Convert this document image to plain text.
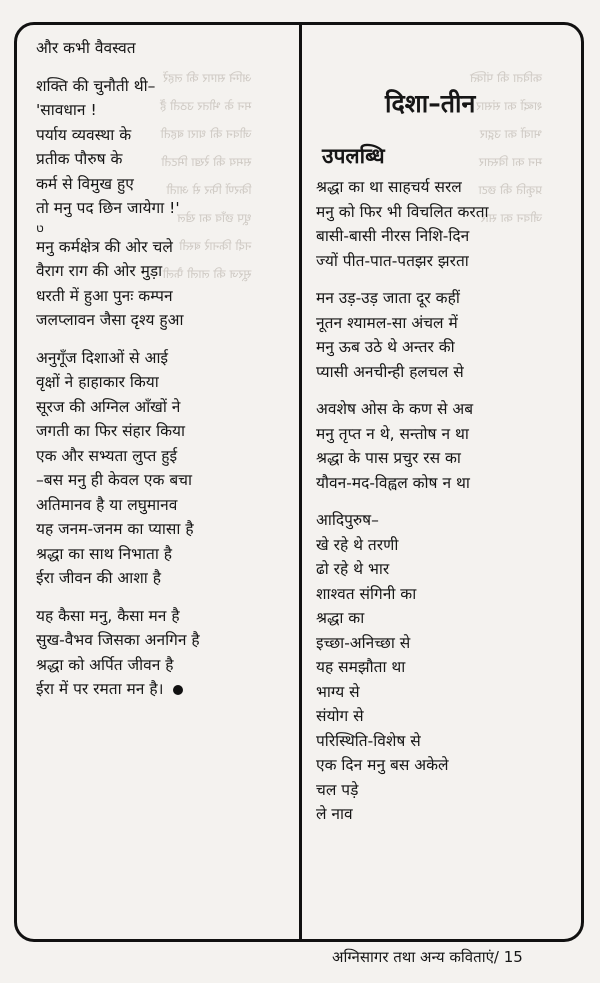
अग्नि सागर की लहरें
मन के भीतर उठती हैं
जीवन की धारा बहती
समय की रेखा मिटती
किरणें फिर से आती
धूप छाँव का खेल
नदी किनारे बस्ती
सूरज की लाली फैली

कविता की पंक्ति
शब्दों का संसार
भावों का उद्गार
मन का विस्तार
प्रकृति की छटा
जीवन का सार

और कभी वैवस्वत
शक्ति की चुनौती थी–
'सावधान !
पर्याय व्यवस्था के
प्रतीक पौरुष के
कर्म से विमुख हुए
तो मनु पद छिन जायेगा !'
ט
मनु कर्मक्षेत्र की ओर चले
वैराग राग की ओर मुड़ा
धरती में हुआ पुनः कम्पन
जलप्लावन जैसा दृश्य हुआ
अनुगूँज दिशाओं से आई
वृक्षों ने हाहाकार किया
सूरज की अग्निल आँखों ने
जगती का फिर संहार किया
एक और सभ्यता लुप्त हुई
–बस मनु ही केवल एक बचा
अतिमानव है या लघुमानव
यह जनम-जनम का प्यासा है
श्रद्धा का साथ निभाता है
ईरा जीवन की आशा है
यह कैसा मनु, कैसा मन है
सुख-वैभव जिसका अनगिन है
श्रद्धा को अर्पित जीवन है
ईरा में पर रमता मन है।
दिशा–तीन
उपलब्धि
श्रद्धा का था साहचर्य सरल
मनु को फिर भी विचलित करता
बासी-बासी नीरस निशि-दिन
ज्यों पीत-पात-पतझर झरता
मन उड़-उड़ जाता दूर कहीं
नूतन श्यामल-सा अंचल में
मनु ऊब उठे थे अन्तर की
प्यासी अनचीन्ही हलचल से
अवशेष ओस के कण से अब
मनु तृप्त न थे, सन्तोष न था
श्रद्धा के पास प्रचुर रस का
यौवन-मद-विह्वल कोष न था
आदिपुरुष–
खे रहे थे तरणी
ढो रहे थे भार
शाश्वत संगिनी का
श्रद्धा का
इच्छा-अनिच्छा से
यह समझौता था
भाग्य से
संयोग से
परिस्थिति-विशेष से
एक दिन मनु बस अकेले
चल पड़े
ले नाव
अग्निसागर तथा अन्य कविताएं/ 15
